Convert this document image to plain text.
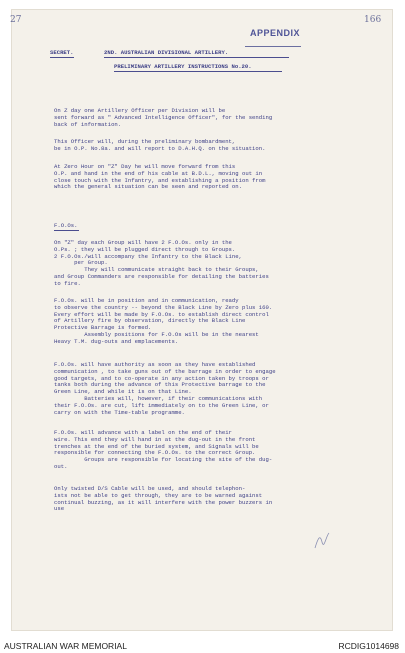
27	166
APPENDIX
SECRET.	2ND. AUSTRALIAN DIVISIONAL ARTILLERY.
PRELIMINARY ARTILLERY INSTRUCTIONS No.20.
On Z day one Artillery Officer per Division will be
sent forward as " Advanced Intelligence Officer", for the sending
back of information.
This Officer will, during the preliminary bombardment,
be in O.P. No.8a. and will report to D.A.H.Q. on the situation.
At Zero Hour on "Z" Day he will move forward from this
O.P. and hand in the end of his cable at B.D.L., moving out in
close touch with the Infantry, and establishing a position from
which the general situation can be seen and reported on.
F.O.Os.
On "Z" day each Group will have 2 F.O.Os. only in the
O.Ps. ; they will be plugged direct through to Groups.
2 F.O.Os./will accompany the Infantry to the Black Line,
per Group.
They will communicate straight back to their Groups,
and Group Commanders are responsible for detailing the batteries
to fire.
F.O.Os. will be in position and in communication, ready
to observe the country -- beyond the Black Line by Zero plus 160.
Every effort will be made by F.O.Os. to establish direct control
of Artillery fire by observation, directly the Black Line
Protective Barrage is formed.
Assembly positions for F.O.Os will be in the nearest
Heavy T.M. dug-outs and emplacements.
F.O.Os. will have authority as soon as they have established
communication , to take guns out of the barrage in order to engage
good targets, and to co-operate in any action taken by troops or
tanks both during the advance of this Protective barrage to the
Green Line, and while it is on that Line.
Batteries will, however, if their communications with
their F.O.Os. are cut, lift immediately on to the Green Line, or
carry on with the Time-table programme.
F.O.Os. will advance with a label on the end of their
wire. This end they will hand in at the dug-out in the front
trenches at the end of the buried system, and Signals will be
responsible for connecting the F.O.Os. to the correct Group.
Groups are responsible for locating the site of the dug-
out.
Only twisted D/S Cable will be used, and should telephon-
ists not be able to get through, they are to be warned against
continual buzzing, as it will interfere with the power buzzers in
use
AUSTRALIAN WAR MEMORIAL	RCDIG1014698
